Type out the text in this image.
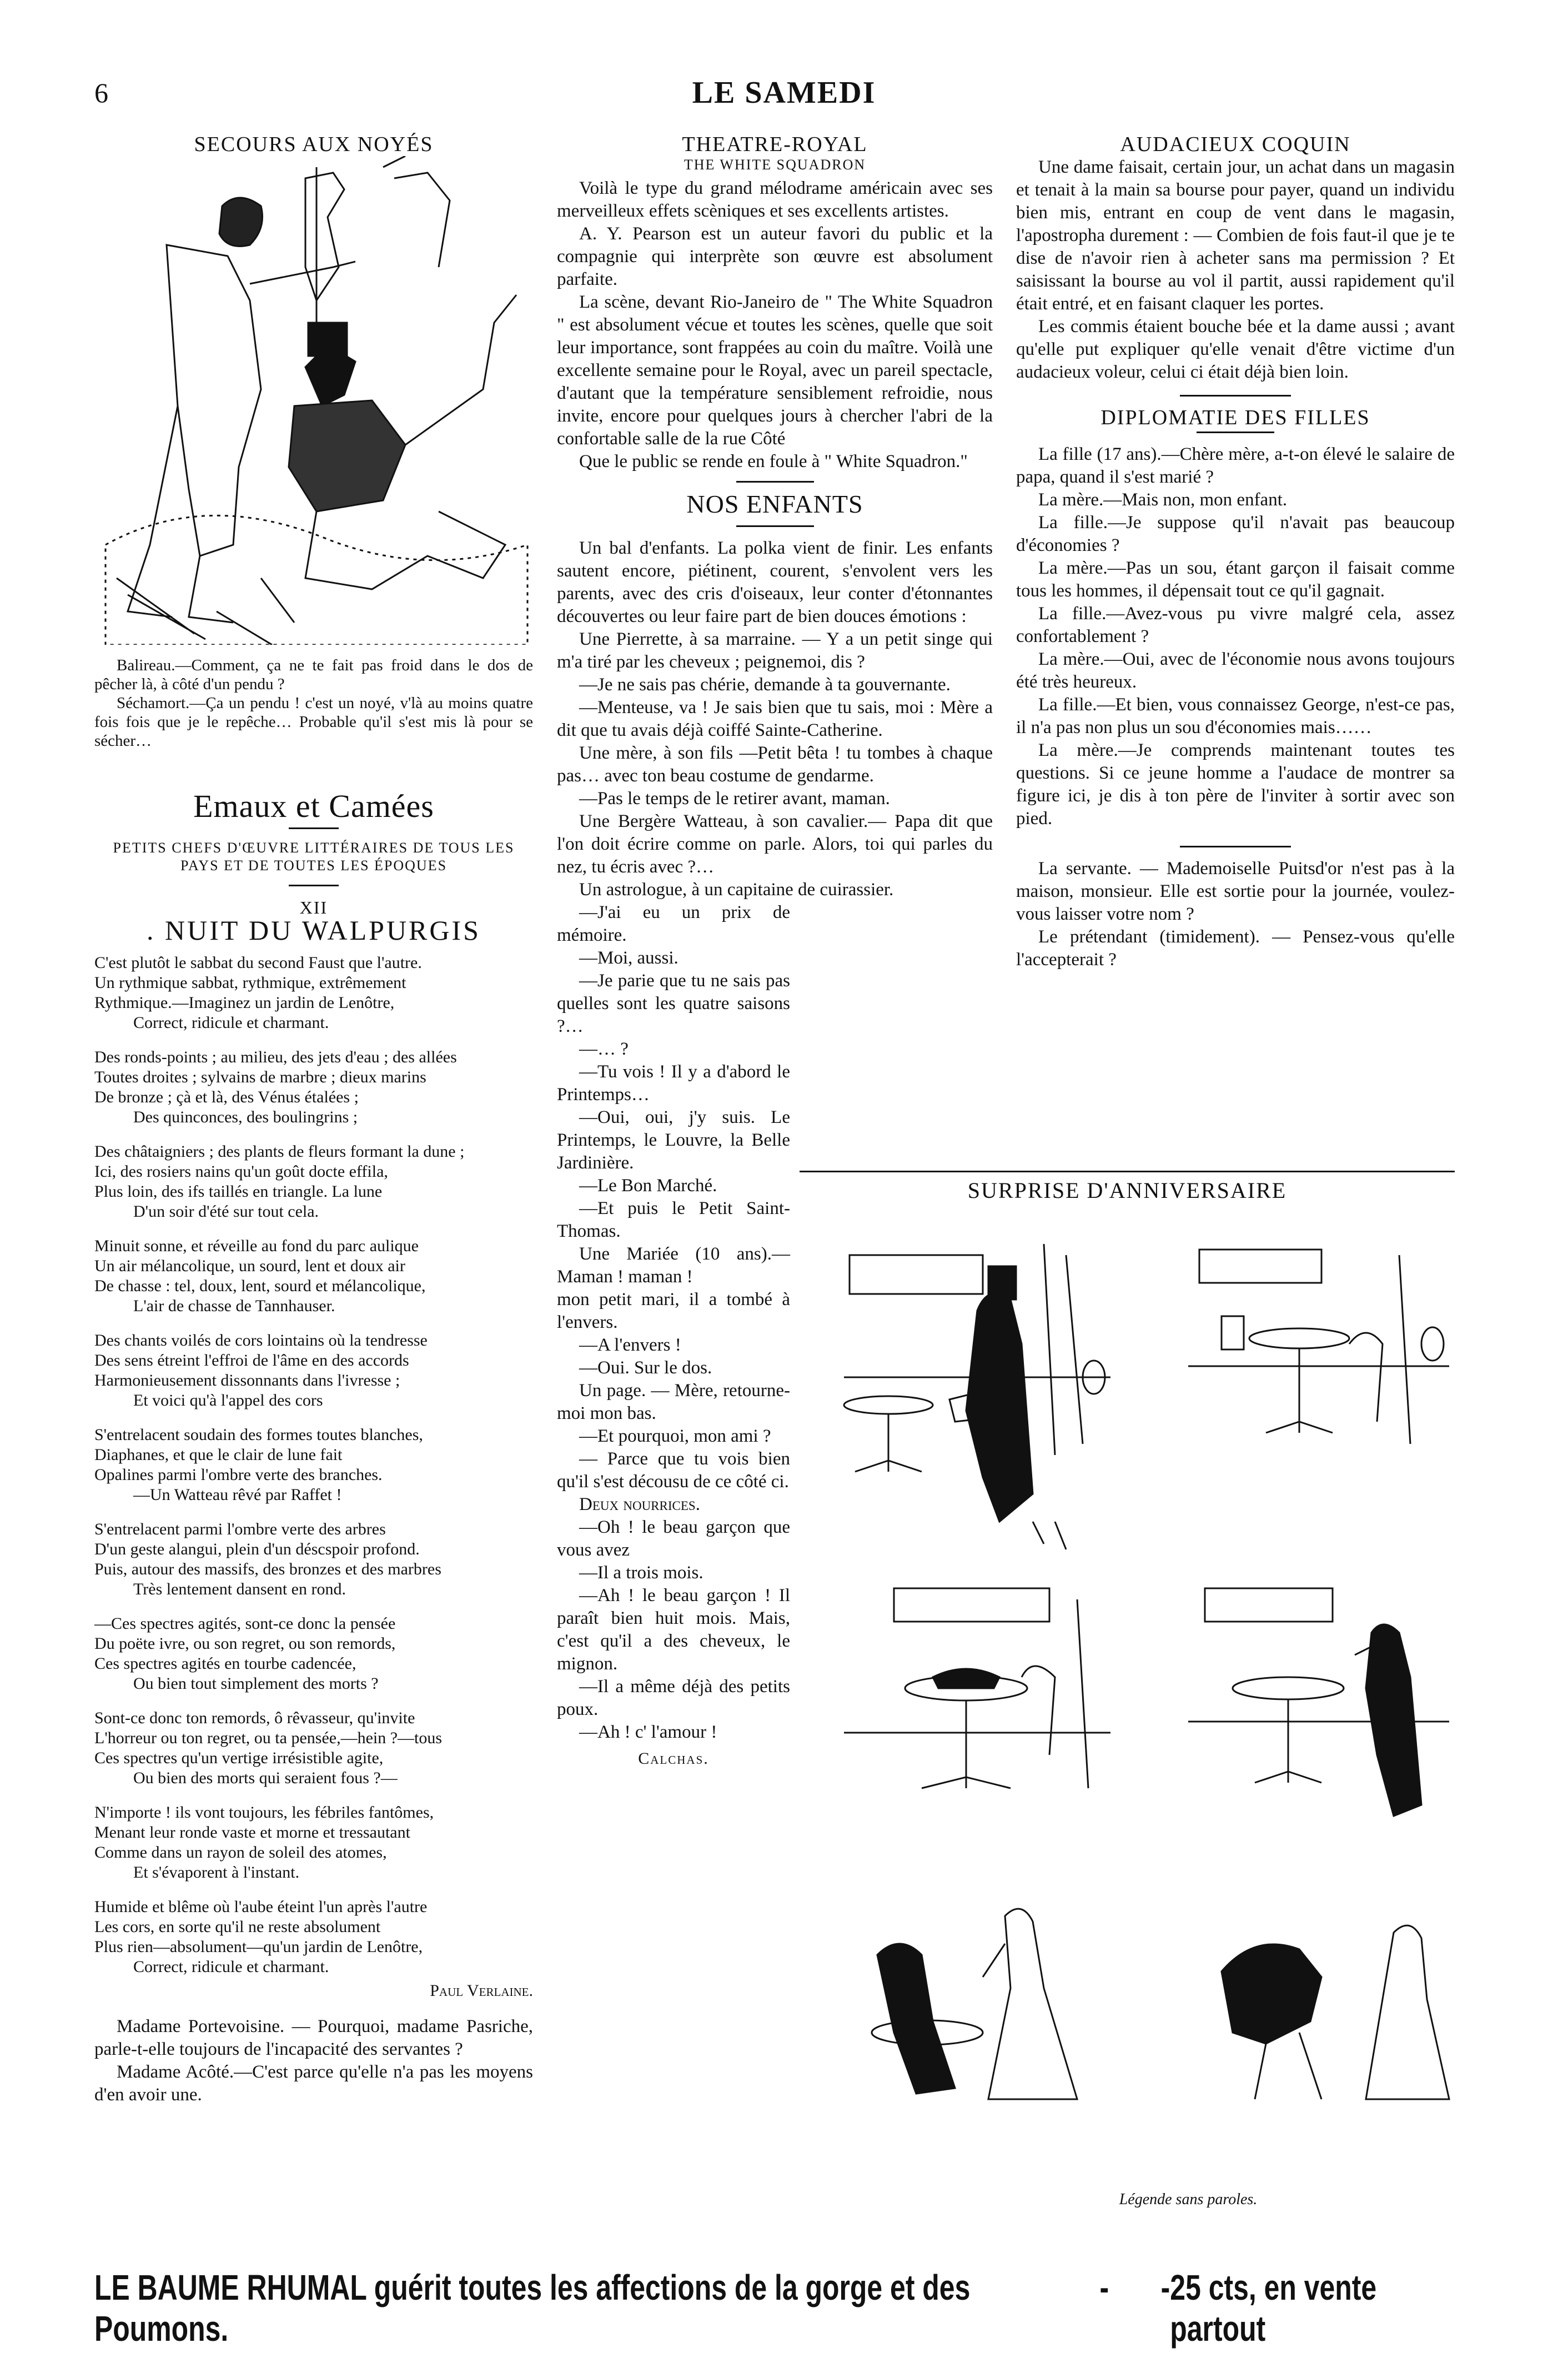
6	LE SAMEDI

SECOURS AUX NOYÉS

Balireau.—Comment, ça ne te fait pas froid dans le dos de pêcher là, à côté d'un pendu ?

Séchamort.—Ça un pendu ! c'est un noyé, v'là au moins quatre fois fois que je le repêche… Probable qu'il s'est mis là pour se sécher…

Emaux et Camées

PETITS CHEFS D'ŒUVRE LITTÉRAIRES DE TOUS LES PAYS ET DE TOUTES LES ÉPOQUES

XII

. NUIT DU WALPURGIS

C'est plutôt le sabbat du second Faust que l'autre.

Un rythmique sabbat, rythmique, extrêmement

Rythmique.—Imaginez un jardin de Lenôtre,

Correct, ridicule et charmant.

Des ronds-points ; au milieu, des jets d'eau ; des allées

Toutes droites ; sylvains de marbre ; dieux marins

De bronze ; çà et là, des Vénus étalées ;

Des quinconces, des boulingrins ;

Des châtaigniers ; des plants de fleurs formant la dune ;

Ici, des rosiers nains qu'un goût docte effila,

Plus loin, des ifs taillés en triangle. La lune

D'un soir d'été sur tout cela.

Minuit sonne, et réveille au fond du parc aulique

Un air mélancolique, un sourd, lent et doux air

De chasse : tel, doux, lent, sourd et mélancolique,

L'air de chasse de Tannhauser.

Des chants voilés de cors lointains où la tendresse

Des sens étreint l'effroi de l'âme en des accords

Harmonieusement dissonnants dans l'ivresse ;

Et voici qu'à l'appel des cors

S'entrelacent soudain des formes toutes blanches,

Diaphanes, et que le clair de lune fait

Opalines parmi l'ombre verte des branches.

—Un Watteau rêvé par Raffet !

S'entrelacent parmi l'ombre verte des arbres

D'un geste alangui, plein d'un déscspoir profond.

Puis, autour des massifs, des bronzes et des marbres

Très lentement dansent en rond.

—Ces spectres agités, sont-ce donc la pensée

Du poëte ivre, ou son regret, ou son remords,

Ces spectres agités en tourbe cadencée,

Ou bien tout simplement des morts ?

Sont-ce donc ton remords, ô rêvasseur, qu'invite

L'horreur ou ton regret, ou ta pensée,—hein ?—tous

Ces spectres qu'un vertige irrésistible agite,

Ou bien des morts qui seraient fous ?—

N'importe ! ils vont toujours, les fébriles fantômes,

Menant leur ronde vaste et morne et tressautant

Comme dans un rayon de soleil des atomes,

Et s'évaporent à l'instant.

Humide et blême où l'aube éteint l'un après l'autre

Les cors, en sorte qu'il ne reste absolument

Plus rien—absolument—qu'un jardin de Lenôtre,

Correct, ridicule et charmant.

Paul Verlaine.

Madame Portevoisine. — Pourquoi, madame Pasriche, parle-t-elle toujours de l'incapacité des servantes ?

Madame Acôté.—C'est parce qu'elle n'a pas les moyens d'en avoir une.

THEATRE-ROYAL

THE WHITE SQUADRON

Voilà le type du grand mélodrame américain avec ses merveilleux effets scèniques et ses excellents artistes.

A. Y. Pearson est un auteur favori du public et la compagnie qui interprète son œuvre est absolument parfaite.

La scène, devant Rio-Janeiro de " The White Squadron " est absolument vécue et toutes les scènes, quelle que soit leur importance, sont frappées au coin du maître. Voilà une excellente semaine pour le Royal, avec un pareil spectacle, d'autant que la température sensiblement refroidie, nous invite, encore pour quelques jours à chercher l'abri de la confortable salle de la rue Côté

Que le public se rende en foule à " White Squadron."

NOS ENFANTS

Un bal d'enfants. La polka vient de finir. Les enfants sautent encore, piétinent, courent, s'envolent vers les parents, avec des cris d'oiseaux, leur conter d'étonnantes découvertes ou leur faire part de bien douces émotions :

Une Pierrette, à sa marraine. — Y a un petit singe qui m'a tiré par les cheveux ; peignemoi, dis ?

—Je ne sais pas chérie, demande à ta gouvernante.

—Menteuse, va ! Je sais bien que tu sais, moi : Mère a dit que tu avais déjà coiffé Sainte-Catherine.

Une mère, à son fils —Petit bêta ! tu tombes à chaque pas… avec ton beau costume de gendarme.

—Pas le temps de le retirer avant, maman.

Une Bergère Watteau, à son cavalier.— Papa dit que l'on doit écrire comme on parle. Alors, toi qui parles du nez, tu écris avec ?…

Un astrologue, à un capitaine de cuirassier.

—J'ai eu un prix de mémoire.

—Moi, aussi.

—Je parie que tu ne sais pas quelles sont les quatre saisons ?…

—… ?

—Tu vois ! Il y a d'abord le Printemps…

—Oui, oui, j'y suis. Le Printemps, le Louvre, la Belle Jardinière.

—Le Bon Marché.

—Et puis le Petit Saint-Thomas.

Une Mariée (10 ans).—Maman ! maman !

mon petit mari, il a tombé à l'envers.

—A l'envers !

—Oui. Sur le dos.

Un page. — Mère, retourne-moi mon bas.

—Et pourquoi, mon ami ?

— Parce que tu vois bien qu'il s'est décousu de ce côté ci.

Deux nourrices.

—Oh ! le beau garçon que vous avez

—Il a trois mois.

—Ah ! le beau garçon ! Il paraît bien huit mois. Mais, c'est qu'il a des cheveux, le mignon.

—Il a même déjà des petits poux.

—Ah ! c' l'amour !

Calchas.

AUDACIEUX COQUIN

Une dame faisait, certain jour, un achat dans un magasin et tenait à la main sa bourse pour payer, quand un individu bien mis, entrant en coup de vent dans le magasin, l'apostropha durement : — Combien de fois faut-il que je te dise de n'avoir rien à acheter sans ma permission ? Et saisissant la bourse au vol il partit, aussi rapidement qu'il était entré, et en faisant claquer les portes.

Les commis étaient bouche bée et la dame aussi ; avant qu'elle put expliquer qu'elle venait d'être victime d'un audacieux voleur, celui ci était déjà bien loin.

DIPLOMATIE DES FILLES

La fille (17 ans).—Chère mère, a-t-on élevé le salaire de papa, quand il s'est marié ?

La mère.—Mais non, mon enfant.

La fille.—Je suppose qu'il n'avait pas beaucoup d'économies ?

La mère.—Pas un sou, étant garçon il faisait comme tous les hommes, il dépensait tout ce qu'il gagnait.

La fille.—Avez-vous pu vivre malgré cela, assez confortablement ?

La mère.—Oui, avec de l'économie nous avons toujours été très heureux.

La fille.—Et bien, vous connaissez George, n'est-ce pas, il n'a pas non plus un sou d'économies mais……

La mère.—Je comprends maintenant toutes tes questions. Si ce jeune homme a l'audace de montrer sa figure ici, je dis à ton père de l'inviter à sortir avec son pied.

La servante. — Mademoiselle Puitsd'or n'est pas à la maison, monsieur. Elle est sortie pour la journée, voulez-vous laisser votre nom ?

Le prétendant (timidement). — Pensez-vous qu'elle l'accepterait ?

SURPRISE D'ANNIVERSAIRE
Légende sans paroles.
LE BAUME RHUMAL guérit toutes les affections de la gorge et des Poumons.
- - 25 cts, en vente partout
